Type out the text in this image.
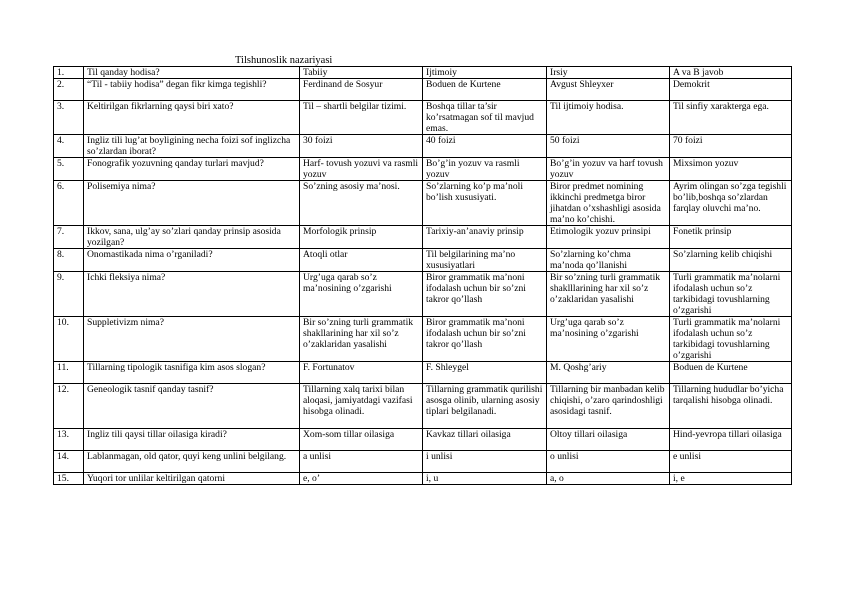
Tilshunoslik nazariyasi
1.	Til qanday hodisa?	Tabiiy	Ijtimoiy	Irsiy	A va B javob
2.	“Til - tabiiy hodisa” degan fikr kimga tegishli?	Ferdinand de Sosyur	Boduen de Kurtene	Avgust Shleyxer	Demokrit
3.	Keltirilgan fikrlarning qaysi biri xato?	Til – shartli belgilar tizimi.	Boshqa tillar ta’sir ko’rsatmagan sof til mavjud emas.	Til ijtimoiy hodisa.	Til sinfiy xarakterga ega.
4.	Ingliz tili lug’at boyligining necha foizi sof inglizcha so’zlardan iborat?	30 foizi	40 foizi	50 foizi	70 foizi
5.	Fonografik yozuvning qanday turlari mavjud?	Harf- tovush yozuvi va rasmli yozuv	Bo’g’in yozuv va rasmli yozuv	Bo’g’in yozuv va harf tovush yozuv	Mixsimon yozuv
6.	Polisemiya nima?	So’zning asosiy ma’nosi.	So’zlarning ko’p ma’noli bo’lish xususiyati.	Biror predmet nomining ikkinchi predmetga biror jihatdan o’xshashligi asosida ma’no ko’chishi.	Ayrim olingan so’zga tegishli bo’lib,boshqa so’zlardan farqlay oluvchi ma’no.
7.	Ikkov, sana, ulg’ay so’zlari qanday prinsip asosida yozilgan?	Morfologik prinsip	Tarixiy-an’anaviy prinsip	Etimologik yozuv prinsipi	Fonetik prinsip
8.	Onomastikada nima o’rganiladi?	Atoqli otlar	Til belgilarining ma’no xususiyatlari	So’zlarning ko’chma ma’noda qo’llanishi	So’zlarning kelib chiqishi
9.	Ichki fleksiya nima?	Urg’uga qarab so’z ma’nosining o’zgarishi	Biror grammatik ma’noni ifodalash uchun bir so’zni takror qo’llash	Bir so’zning turli grammatik shaklllarining har xil so’z o’zaklaridan yasalishi	Turli grammatik ma’nolarni ifodalash uchun so’z tarkibidagi tovushlarning o’zgarishi
10.	Suppletivizm nima?	Bir so’zning turli grammatik shakllarining har xil so’z o’zaklaridan yasalishi	Biror grammatik ma’noni ifodalash uchun bir so’zni takror qo’llash	Urg’uga qarab so’z ma’nosining o’zgarishi	Turli grammatik ma’nolarni ifodalash uchun so’z tarkibidagi tovushlarning o’zgarishi
11.	Tillarning tipologik tasnifiga kim asos slogan?	F. Fortunatov	F. Shleygel	M. Qoshg’ariy	Boduen de Kurtene
12.	Geneologik tasnif qanday tasnif?	Tillarning xalq tarixi bilan aloqasi, jamiyatdagi vazifasi hisobga olinadi.	Tillarning grammatik qurilishi asosga olinib, ularning asosiy tiplari belgilanadi.	Tillarning bir manbadan kelib chiqishi, o’zaro qarindoshligi asosidagi tasnif.	Tillarning hududlar bo’yicha tarqalishi hisobga olinadi.
13.	Ingliz tili qaysi tillar oilasiga kiradi?	Xom-som tillar oilasiga	Kavkaz tillari oilasiga	Oltoy tillari oilasiga	Hind-yevropa tillari oilasiga
14.	Lablanmagan, old qator, quyi keng unlini belgilang.	a unlisi	i unlisi	o unlisi	e unlisi
15.	Yuqori tor unlilar keltirilgan qatorni	e, o’	i, u	a, o	i, e
